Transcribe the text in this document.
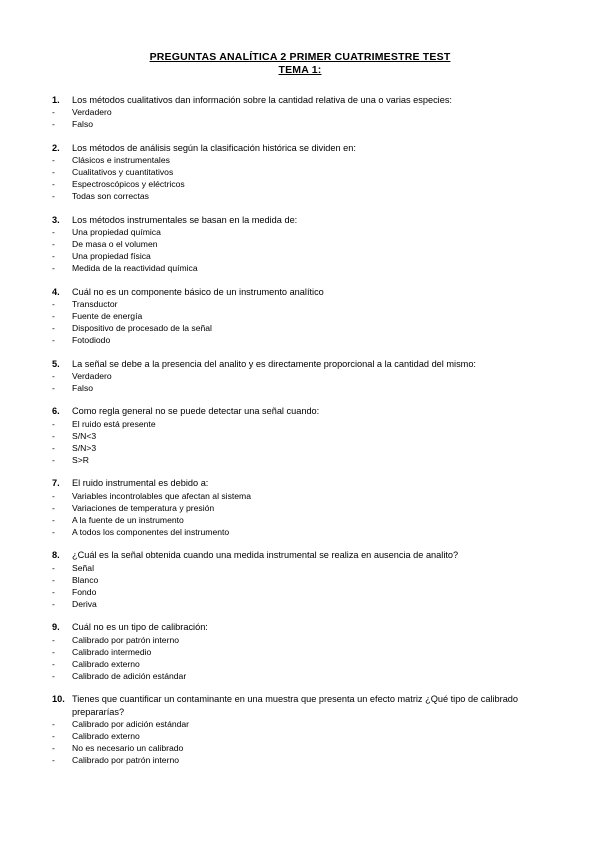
PREGUNTAS ANALÍTICA 2 PRIMER CUATRIMESTRE TEST
TEMA 1:
1.	Los métodos cualitativos dan información sobre la cantidad relativa de una o varias especies:
-	Verdadero
-	Falso
2.	Los métodos de análisis según la clasificación histórica se dividen en:
-	Clásicos e instrumentales
-	Cualitativos y cuantitativos
-	Espectroscópicos y eléctricos
-	Todas son correctas
3.	Los métodos instrumentales se basan en la medida de:
-	Una propiedad química
-	De masa o el volumen
-	Una propiedad física
-	Medida de la reactividad química
4.	Cuál no es un componente básico de un instrumento analítico
-	Transductor
-	Fuente de energía
-	Dispositivo de procesado de la señal
-	Fotodiodo
5.	La señal se debe a la presencia del analito y es directamente proporcional a la cantidad del mismo:
-	Verdadero
-	Falso
6.	Como regla general no se puede detectar una señal cuando:
-	El ruido está presente
-	S/N<3
-	S/N>3
-	S>R
7.	El ruido instrumental es debido a:
-	Variables incontrolables que afectan al sistema
-	Variaciones de temperatura y presión
-	A la fuente de un instrumento
-	A todos los componentes del instrumento
8.	¿Cuál es la señal obtenida cuando una medida instrumental se realiza en ausencia de analito?
-	Señal
-	Blanco
-	Fondo
-	Deriva
9.	Cuál no es un tipo de calibración:
-	Calibrado por patrón interno
-	Calibrado intermedio
-	Calibrado externo
-	Calibrado de adición estándar
10. Tienes que cuantificar un contaminante en una muestra que presenta un efecto matriz ¿Qué tipo de calibrado prepararías?
-	Calibrado por adición estándar
-	Calibrado externo
-	No es necesario un calibrado
-	Calibrado por patrón interno
